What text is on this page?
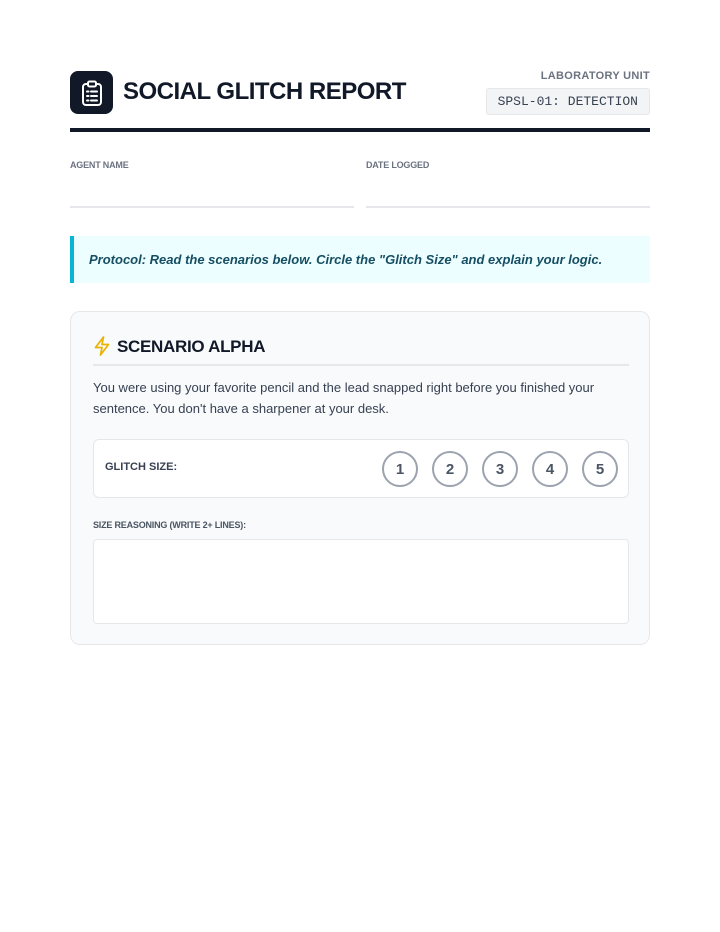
SOCIAL GLITCH REPORT
LABORATORY UNIT
SPSL-01: DETECTION
AGENT NAME	DATE LOGGED
Protocol: Read the scenarios below. Circle the "Glitch Size" and explain your logic.
SCENARIO ALPHA
You were using your favorite pencil and the lead snapped right before you finished your sentence. You don't have a sharpener at your desk.
GLITCH SIZE:	1	2	3	4	5
SIZE REASONING (WRITE 2+ LINES):
